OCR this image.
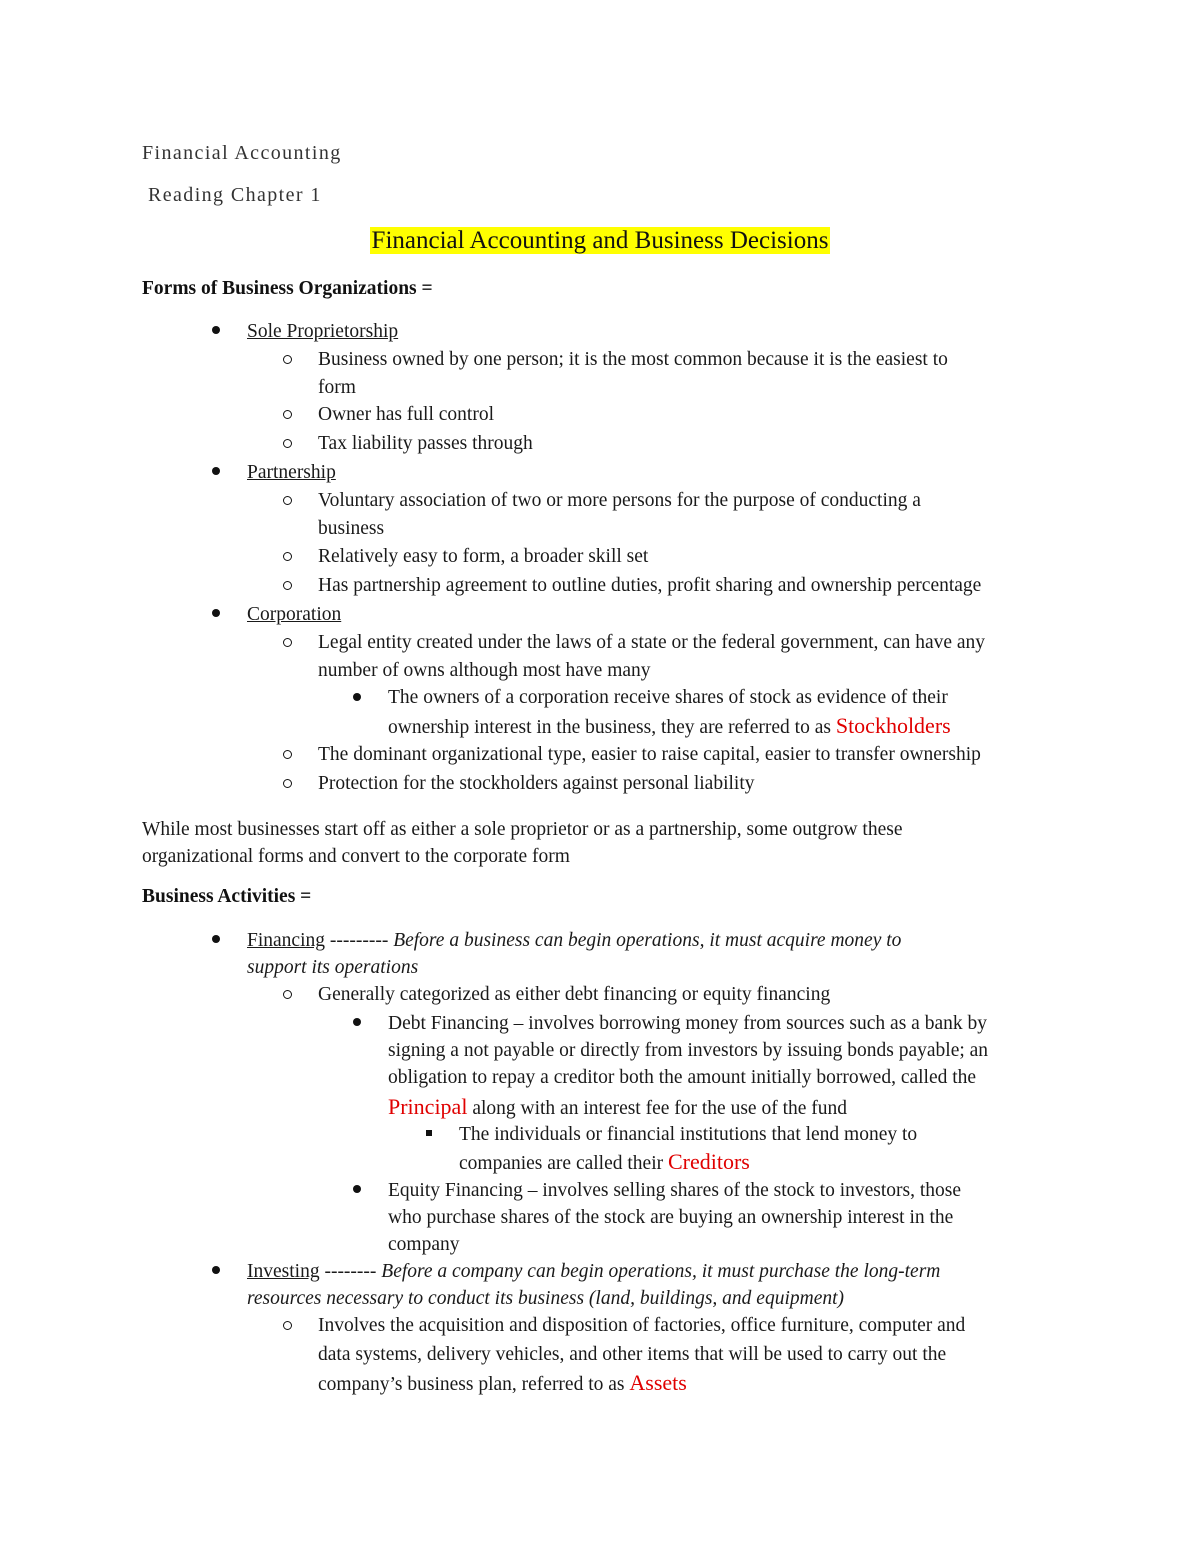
Financial Accounting
Reading Chapter 1
Financial Accounting and Business Decisions
Forms of Business Organizations =
Sole Proprietorship
Business owned by one person; it is the most common because it is the easiest to
form
Owner has full control
Tax liability passes through
Partnership
Voluntary association of two or more persons for the purpose of conducting a
business
Relatively easy to form, a broader skill set
Has partnership agreement to outline duties, profit sharing and ownership percentage
Corporation
Legal entity created under the laws of a state or the federal government, can have any
number of owns although most have many
The owners of a corporation receive shares of stock as evidence of their
ownership interest in the business, they are referred to as Stockholders
The dominant organizational type, easier to raise capital, easier to transfer ownership
Protection for the stockholders against personal liability
While most businesses start off as either a sole proprietor or as a partnership, some outgrow these
organizational forms and convert to the corporate form
Business Activities =
Financing --------- Before a business can begin operations, it must acquire money to
support its operations
Generally categorized as either debt financing or equity financing
Debt Financing – involves borrowing money from sources such as a bank by
signing a not payable or directly from investors by issuing bonds payable; an
obligation to repay a creditor both the amount initially borrowed, called the
Principal along with an interest fee for the use of the fund
The individuals or financial institutions that lend money to
companies are called their Creditors
Equity Financing – involves selling shares of the stock to investors, those
who purchase shares of the stock are buying an ownership interest in the
company
Investing -------- Before a company can begin operations, it must purchase the long-term
resources necessary to conduct its business (land, buildings, and equipment)
Involves the acquisition and disposition of factories, office furniture, computer and
data systems, delivery vehicles, and other items that will be used to carry out the
company’s business plan, referred to as Assets
